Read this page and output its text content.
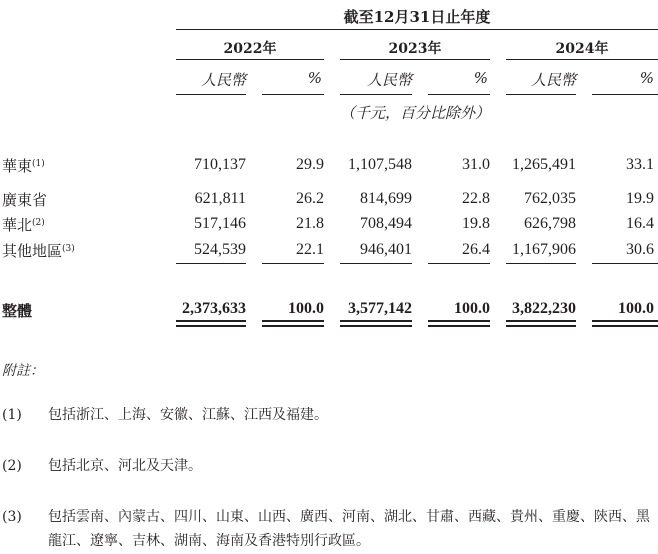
截至12月31日止年度
2022年	2023年	2024年
人民幣	%	人民幣	%	人民幣	%
（千元，百分比除外）
華東$^{(1)}$	710,137	29.9	1,107,548	31.0	1,265,491	33.1
廣東省	621,811	26.2	814,699	22.8	762,035	19.9
華北$^{(2)}$	517,146	21.8	708,494	19.8	626,798	16.4
其他地區$^{(3)}$	524,539	22.1	946,401	26.4	1,167,906	30.6
整體	2,373,633	100.0	3,577,142	100.0	3,822,230	100.0
附註：
(1) 包括浙江、上海、安徽、江蘇、江西及福建。
(2) 包括北京、河北及天津。
(3) 包括雲南、內蒙古、四川、山東、山西、廣西、河南、湖北、甘肅、西藏、貴州、重慶、陝西、黑龍江、遼寧、吉林、湖南、海南及香港特別行政區。
